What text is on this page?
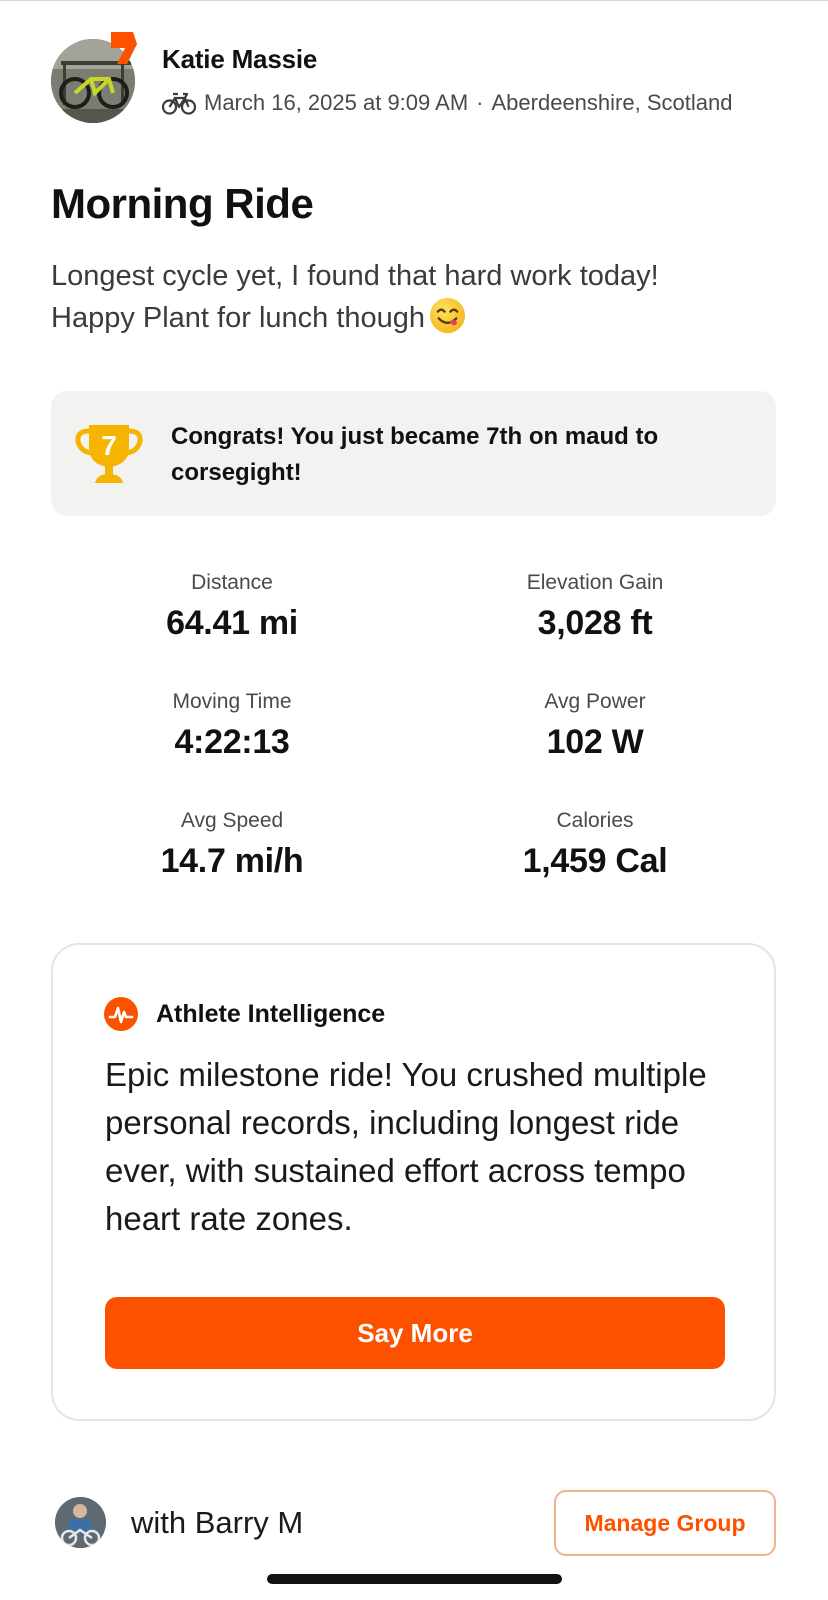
Katie Massie
March 16, 2025 at 9:09 AM · Aberdeenshire, Scotland
Morning Ride
Longest cycle yet, I found that hard work today!
Happy Plant for lunch though
7 Congrats! You just became 7th on maud to corsegight!
Distance
64.41 mi
Elevation Gain
3,028 ft
Moving Time
4:22:13
Avg Power
102 W
Avg Speed
14.7 mi/h
Calories
1,459 Cal
Athlete Intelligence
Epic milestone ride! You crushed multiple personal records, including longest ride ever, with sustained effort across tempo heart rate zones.
Say More
with Barry M	Manage Group
